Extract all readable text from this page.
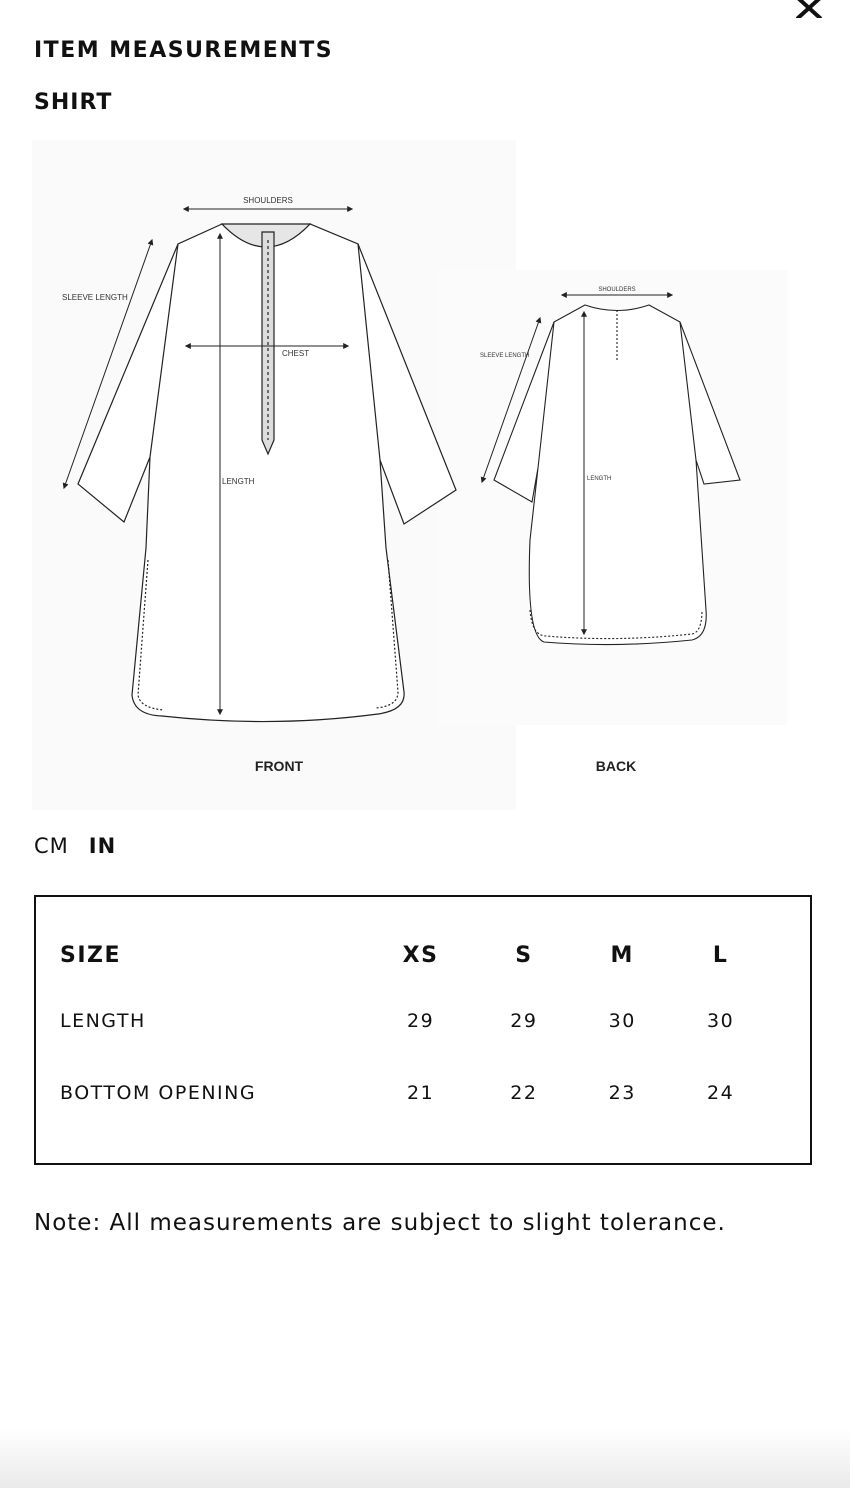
ITEM MEASUREMENTS
SHIRT
SHOULDERS
SLEEVE LENGTH
CHEST
LENGTH
SHOULDERS
SLEEVE LENGTH
LENGTH
FRONT	BACK
CM IN
SIZE	XS	S	M	L
LENGTH	29	29	30	30
BOTTOM OPENING	21	22	23	24

Note: All measurements are subject to slight tolerance.
